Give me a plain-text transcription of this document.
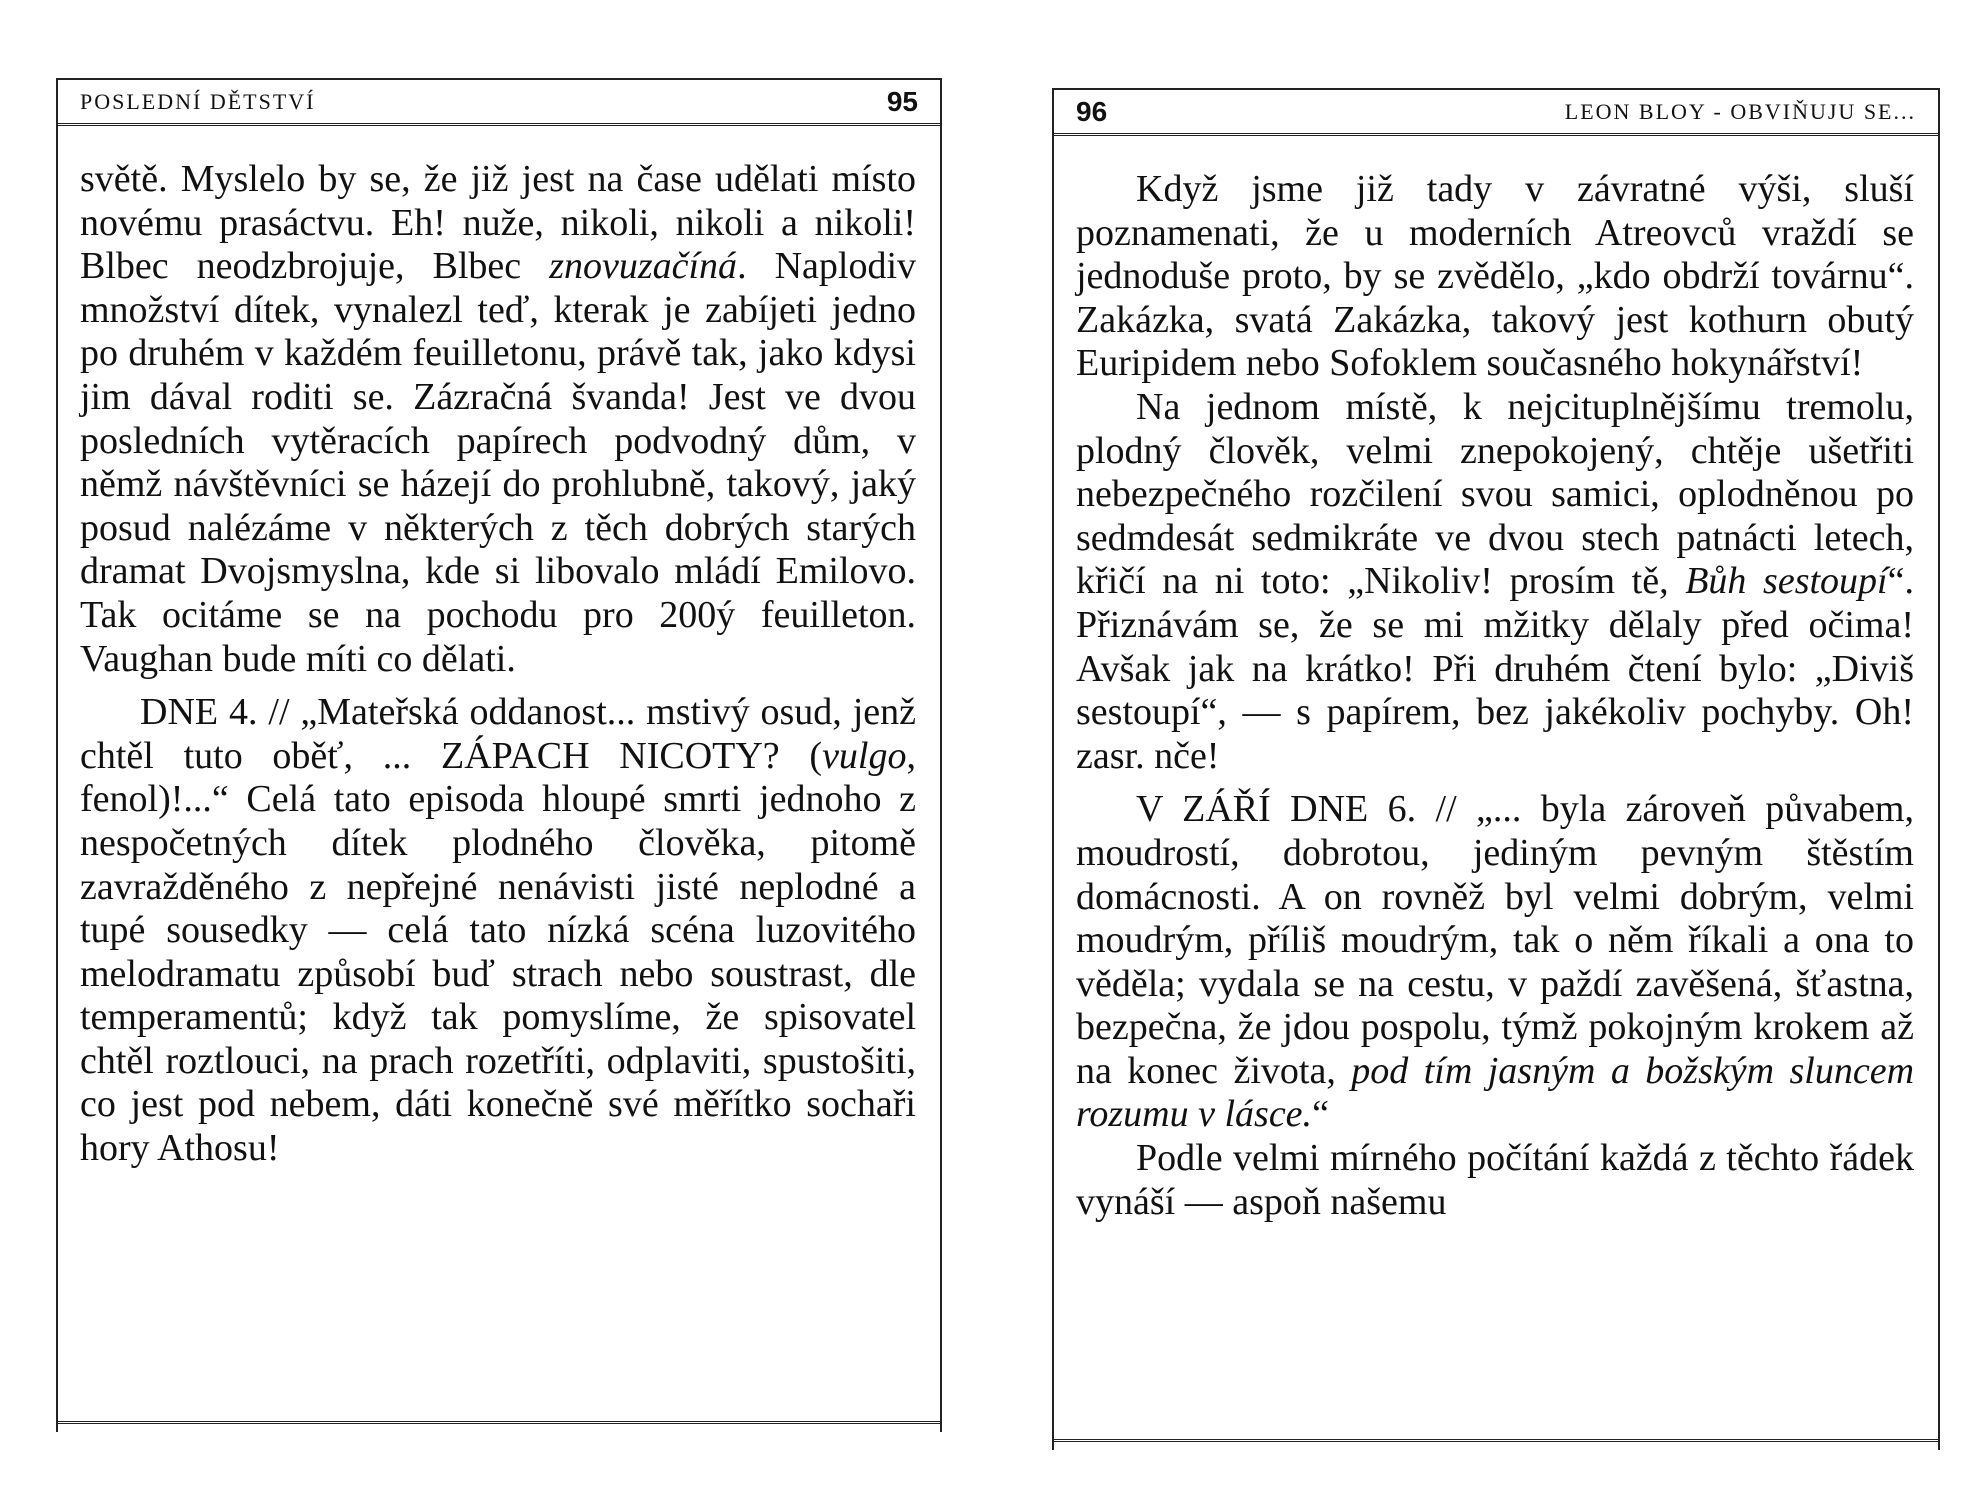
POSLEDNÍ DĚTSTVÍ	95

světě. Myslelo by se, že již jest na čase udělati místo novému prasáctvu. Eh! nuže, nikoli, nikoli a nikoli! Blbec neodzbrojuje, Blbec znovuzačíná. Naplodiv množství dítek, vynalezl teď, kterak je zabíjeti jedno po druhém v každém feuilletonu, právě tak, jako kdysi jim dával roditi se. Zázračná švanda! Jest ve dvou posledních vytěracích papírech podvodný dům, v němž návštěvníci se házejí do prohlubně, takový, jaký posud nalézáme v některých z těch dobrých starých dramat Dvojsmyslna, kde si libovalo mládí Emilovo. Tak ocitáme se na pochodu pro 200ý feuilleton. Vaughan bude míti co dělati.

DNE 4. // „Mateřská oddanost... mstivý osud, jenž chtěl tuto oběť, ... ZÁPACH NICOTY? (vulgo, fenol)!...“ Celá tato episoda hloupé smrti jednoho z nespočetných dítek plodného člověka, pitomě zavražděného z nepřejné nenávisti jisté neplodné a tupé sousedky — celá tato nízká scéna luzovitého melodramatu způsobí buď strach nebo soustrast, dle temperamentů; když tak pomyslíme, že spisovatel chtěl roztlouci, na prach rozetříti, odplaviti, spustošiti, co jest pod nebem, dáti konečně své měřítko sochaři hory Athosu!

96	LEON BLOY - OBVIŇUJU SE...

Když jsme již tady v závratné výši, sluší poznamenati, že u moderních Atreovců vraždí se jednoduše proto, by se zvědělo, „kdo obdrží továrnu“. Zakázka, svatá Zakázka, takový jest kothurn obutý Euripidem nebo Sofoklem současného hokynářství!

Na jednom místě, k nejcituplnějšímu tremolu, plodný člověk, velmi znepokojený, chtěje ušetřiti nebezpečného rozčilení svou samici, oplodněnou po sedmdesát sedmikráte ve dvou stech patnácti letech, křičí na ni toto: „Nikoliv! prosím tě, Bůh sestoupí“. Přiznávám se, že se mi mžitky dělaly před očima! Avšak jak na krátko! Při druhém čtení bylo: „Diviš sestoupí“, — s papírem, bez jakékoliv pochyby. Oh! zasr. nče!

V ZÁŘÍ DNE 6. // „... byla zároveň půvabem, moudrostí, dobrotou, jediným pevným štěstím domácnosti. A on rovněž byl velmi dobrým, velmi moudrým, příliš moudrým, tak o něm říkali a ona to věděla; vydala se na cestu, v paždí zavěšená, šťastna, bezpečna, že jdou pospolu, týmž pokojným krokem až na konec života, pod tím jasným a božským sluncem rozumu v lásce.“

Podle velmi mírného počítání každá z těchto řádek vynáší — aspoň našemu
